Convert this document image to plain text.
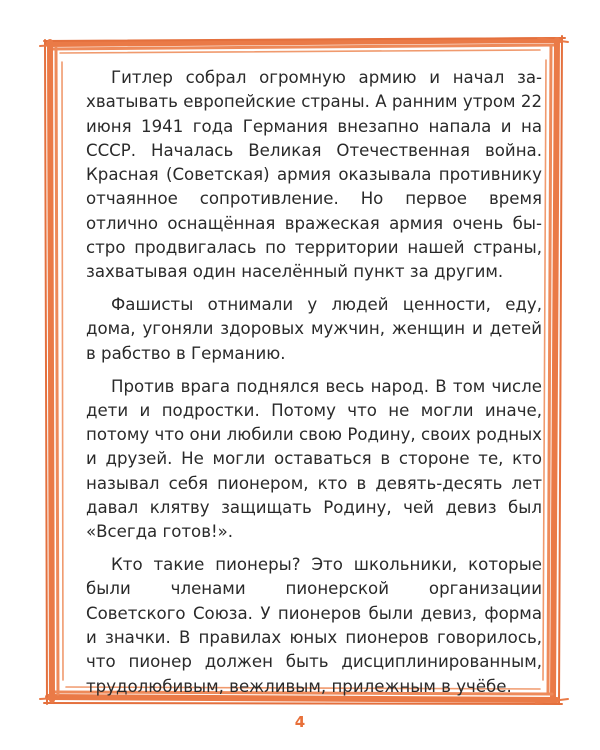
Гитлер собрал огромную армию и начал захватывать европейские страны. А ранним утром 22 июня 1941 года Германия внезапно напала и на СССР. Началась Великая Отечественная война. Красная (Советская) армия оказывала противнику отчаянное сопротивление. Но первое время отлично оснащённая вражеская армия очень быстро продвигалась по территории нашей страны, захватывая один населённый пункт за другим.

Фашисты отнимали у людей ценности, еду, дома, угоняли здоровых мужчин, женщин и детей в рабство в Германию.

Против врага поднялся весь народ. В том числе дети и подростки. Потому что не могли иначе, потому что они любили свою Родину, своих родных и друзей. Не могли оставаться в стороне те, кто называл себя пионером, кто в девять-десять лет давал клятву защищать Родину, чей девиз был «Всегда готов!».

Кто такие пионеры? Это школьники, которые были членами пионерской организации Советского Союза. У пионеров были девиз, форма и значки. В правилах юных пионеров говорилось, что пионер должен быть дисциплинированным, трудолюбивым, вежливым, прилежным в учёбе.

4
